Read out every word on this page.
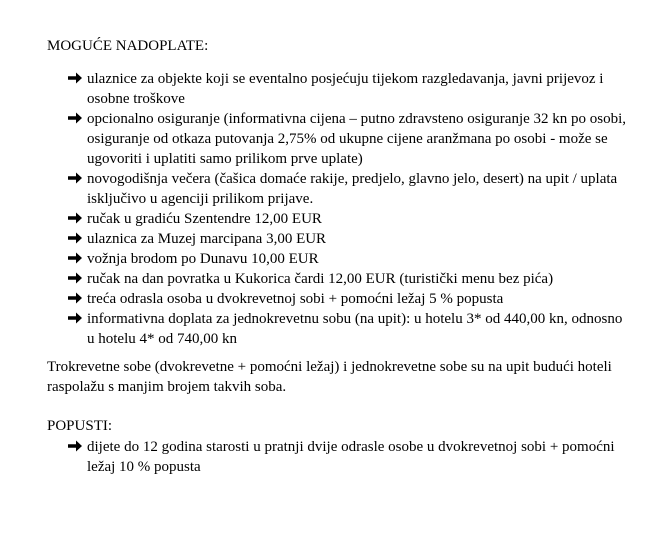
MOGUĆE NADOPLATE:
ulaznice za objekte koji se eventalno posjećuju tijekom razgledavanja, javni prijevoz i osobne troškove
opcionalno osiguranje (informativna cijena – putno zdravsteno osiguranje 32 kn po osobi, osiguranje od otkaza putovanja 2,75% od ukupne cijene aranžmana po osobi - može se ugovoriti i uplatiti samo prilikom prve uplate)
novogodišnja večera (čašica domaće rakije, predjelo, glavno jelo, desert) na upit / uplata isključivo u agenciji prilikom prijave.
ručak u gradiću Szentendre 12,00 EUR
ulaznica za Muzej marcipana 3,00 EUR
vožnja brodom po Dunavu 10,00 EUR
ručak na dan povratka u Kukorica čardi 12,00 EUR (turistički menu bez pića)
treća odrasla osoba u dvokrevetnoj sobi + pomoćni ležaj 5 % popusta
informativna doplata za jednokrevetnu sobu (na upit): u hotelu 3* od 440,00 kn, odnosno u hotelu 4* od 740,00 kn

Trokrevetne sobe (dvokrevetne + pomoćni ležaj) i jednokrevetne sobe su na upit budući hoteli raspolažu s manjim brojem takvih soba.

POPUSTI:
dijete do 12 godina starosti u pratnji dvije odrasle osobe u dvokrevetnoj sobi + pomoćni ležaj 10 % popusta
